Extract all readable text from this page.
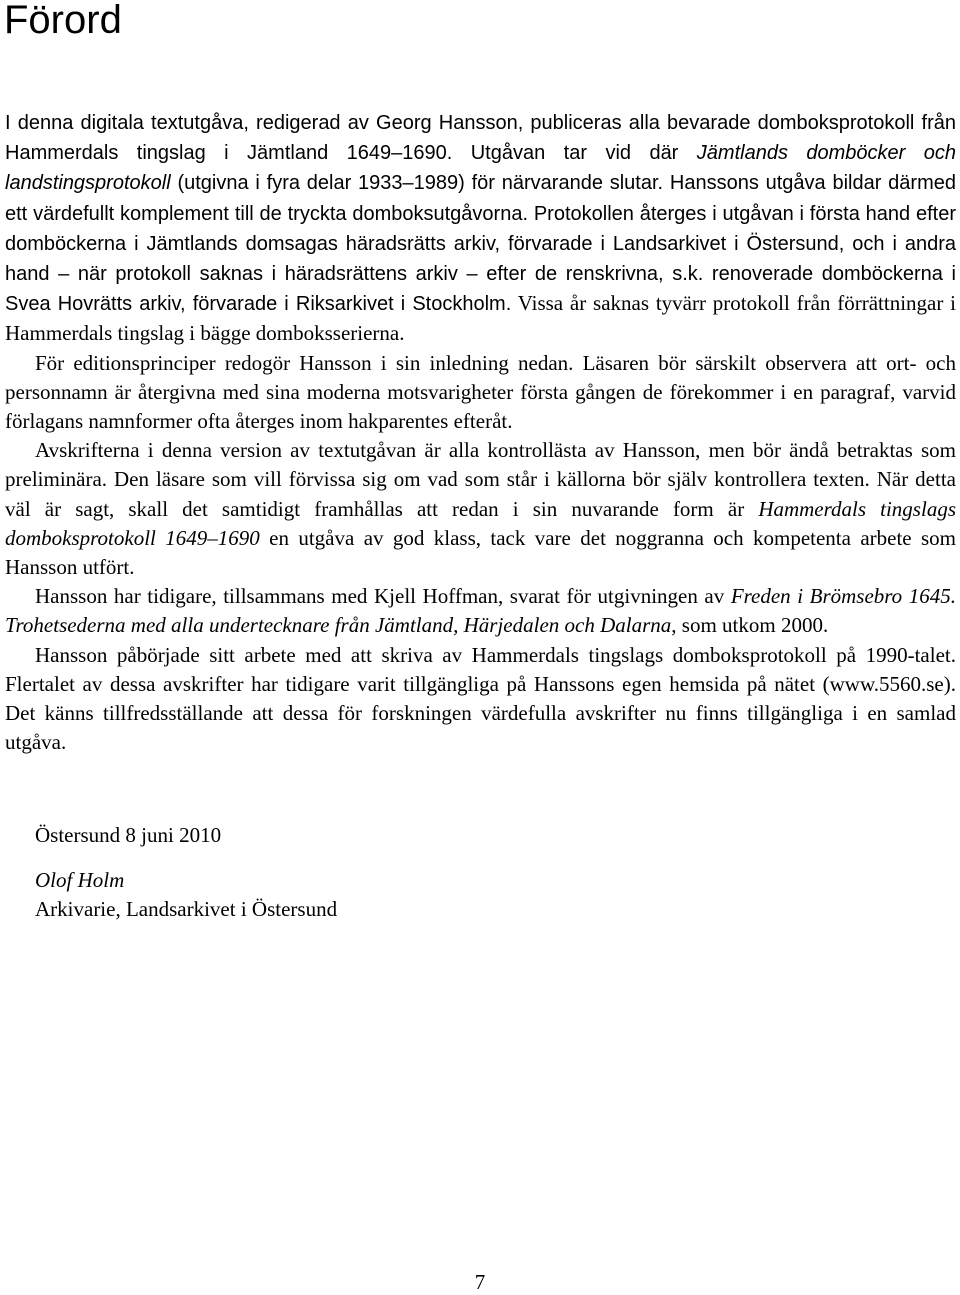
Förord

I denna digitala textutgåva, redigerad av Georg Hansson, publiceras alla bevarade domboksprotokoll från Hammerdals tingslag i Jämtland 1649–1690. Utgåvan tar vid där Jämtlands domböcker och landstingsprotokoll (utgivna i fyra delar 1933–1989) för närvarande slutar. Hanssons utgåva bildar därmed ett värdefullt komplement till de tryckta domboksutgåvorna. Protokollen återges i utgåvan i första hand efter domböckerna i Jämtlands domsagas häradsrätts arkiv, förvarade i Landsarkivet i Östersund, och i andra hand – när protokoll saknas i häradsrättens arkiv – efter de renskrivna, s.k. renoverade domböckerna i Svea Hovrätts arkiv, förvarade i Riksarkivet i Stockholm. Vissa år saknas tyvärr protokoll från förrättningar i Hammerdals tingslag i bägge domboksserierna.

För editionsprinciper redogör Hansson i sin inledning nedan. Läsaren bör särskilt observera att ort- och personnamn är återgivna med sina moderna motsvarigheter första gången de förekommer i en paragraf, varvid förlagans namnformer ofta återges inom hakparentes efteråt.

Avskrifterna i denna version av textutgåvan är alla kontrollästa av Hansson, men bör ändå betraktas som preliminära. Den läsare som vill förvissa sig om vad som står i källorna bör själv kontrollera texten. När detta väl är sagt, skall det samtidigt framhållas att redan i sin nuvarande form är Hammerdals tingslags domboksprotokoll 1649–1690 en utgåva av god klass, tack vare det noggranna och kompetenta arbete som Hansson utfört.

Hansson har tidigare, tillsammans med Kjell Hoffman, svarat för utgivningen av Freden i Brömsebro 1645. Trohetsederna med alla undertecknare från Jämtland, Härjedalen och Dalarna, som utkom 2000.

Hansson påbörjade sitt arbete med att skriva av Hammerdals tingslags domboksprotokoll på 1990-talet. Flertalet av dessa avskrifter har tidigare varit tillgängliga på Hanssons egen hemsida på nätet (www.5560.se). Det känns tillfredsställande att dessa för forskningen värdefulla avskrifter nu finns tillgängliga i en samlad utgåva.

Östersund 8 juni 2010
Olof Holm
Arkivarie, Landsarkivet i Östersund
7
